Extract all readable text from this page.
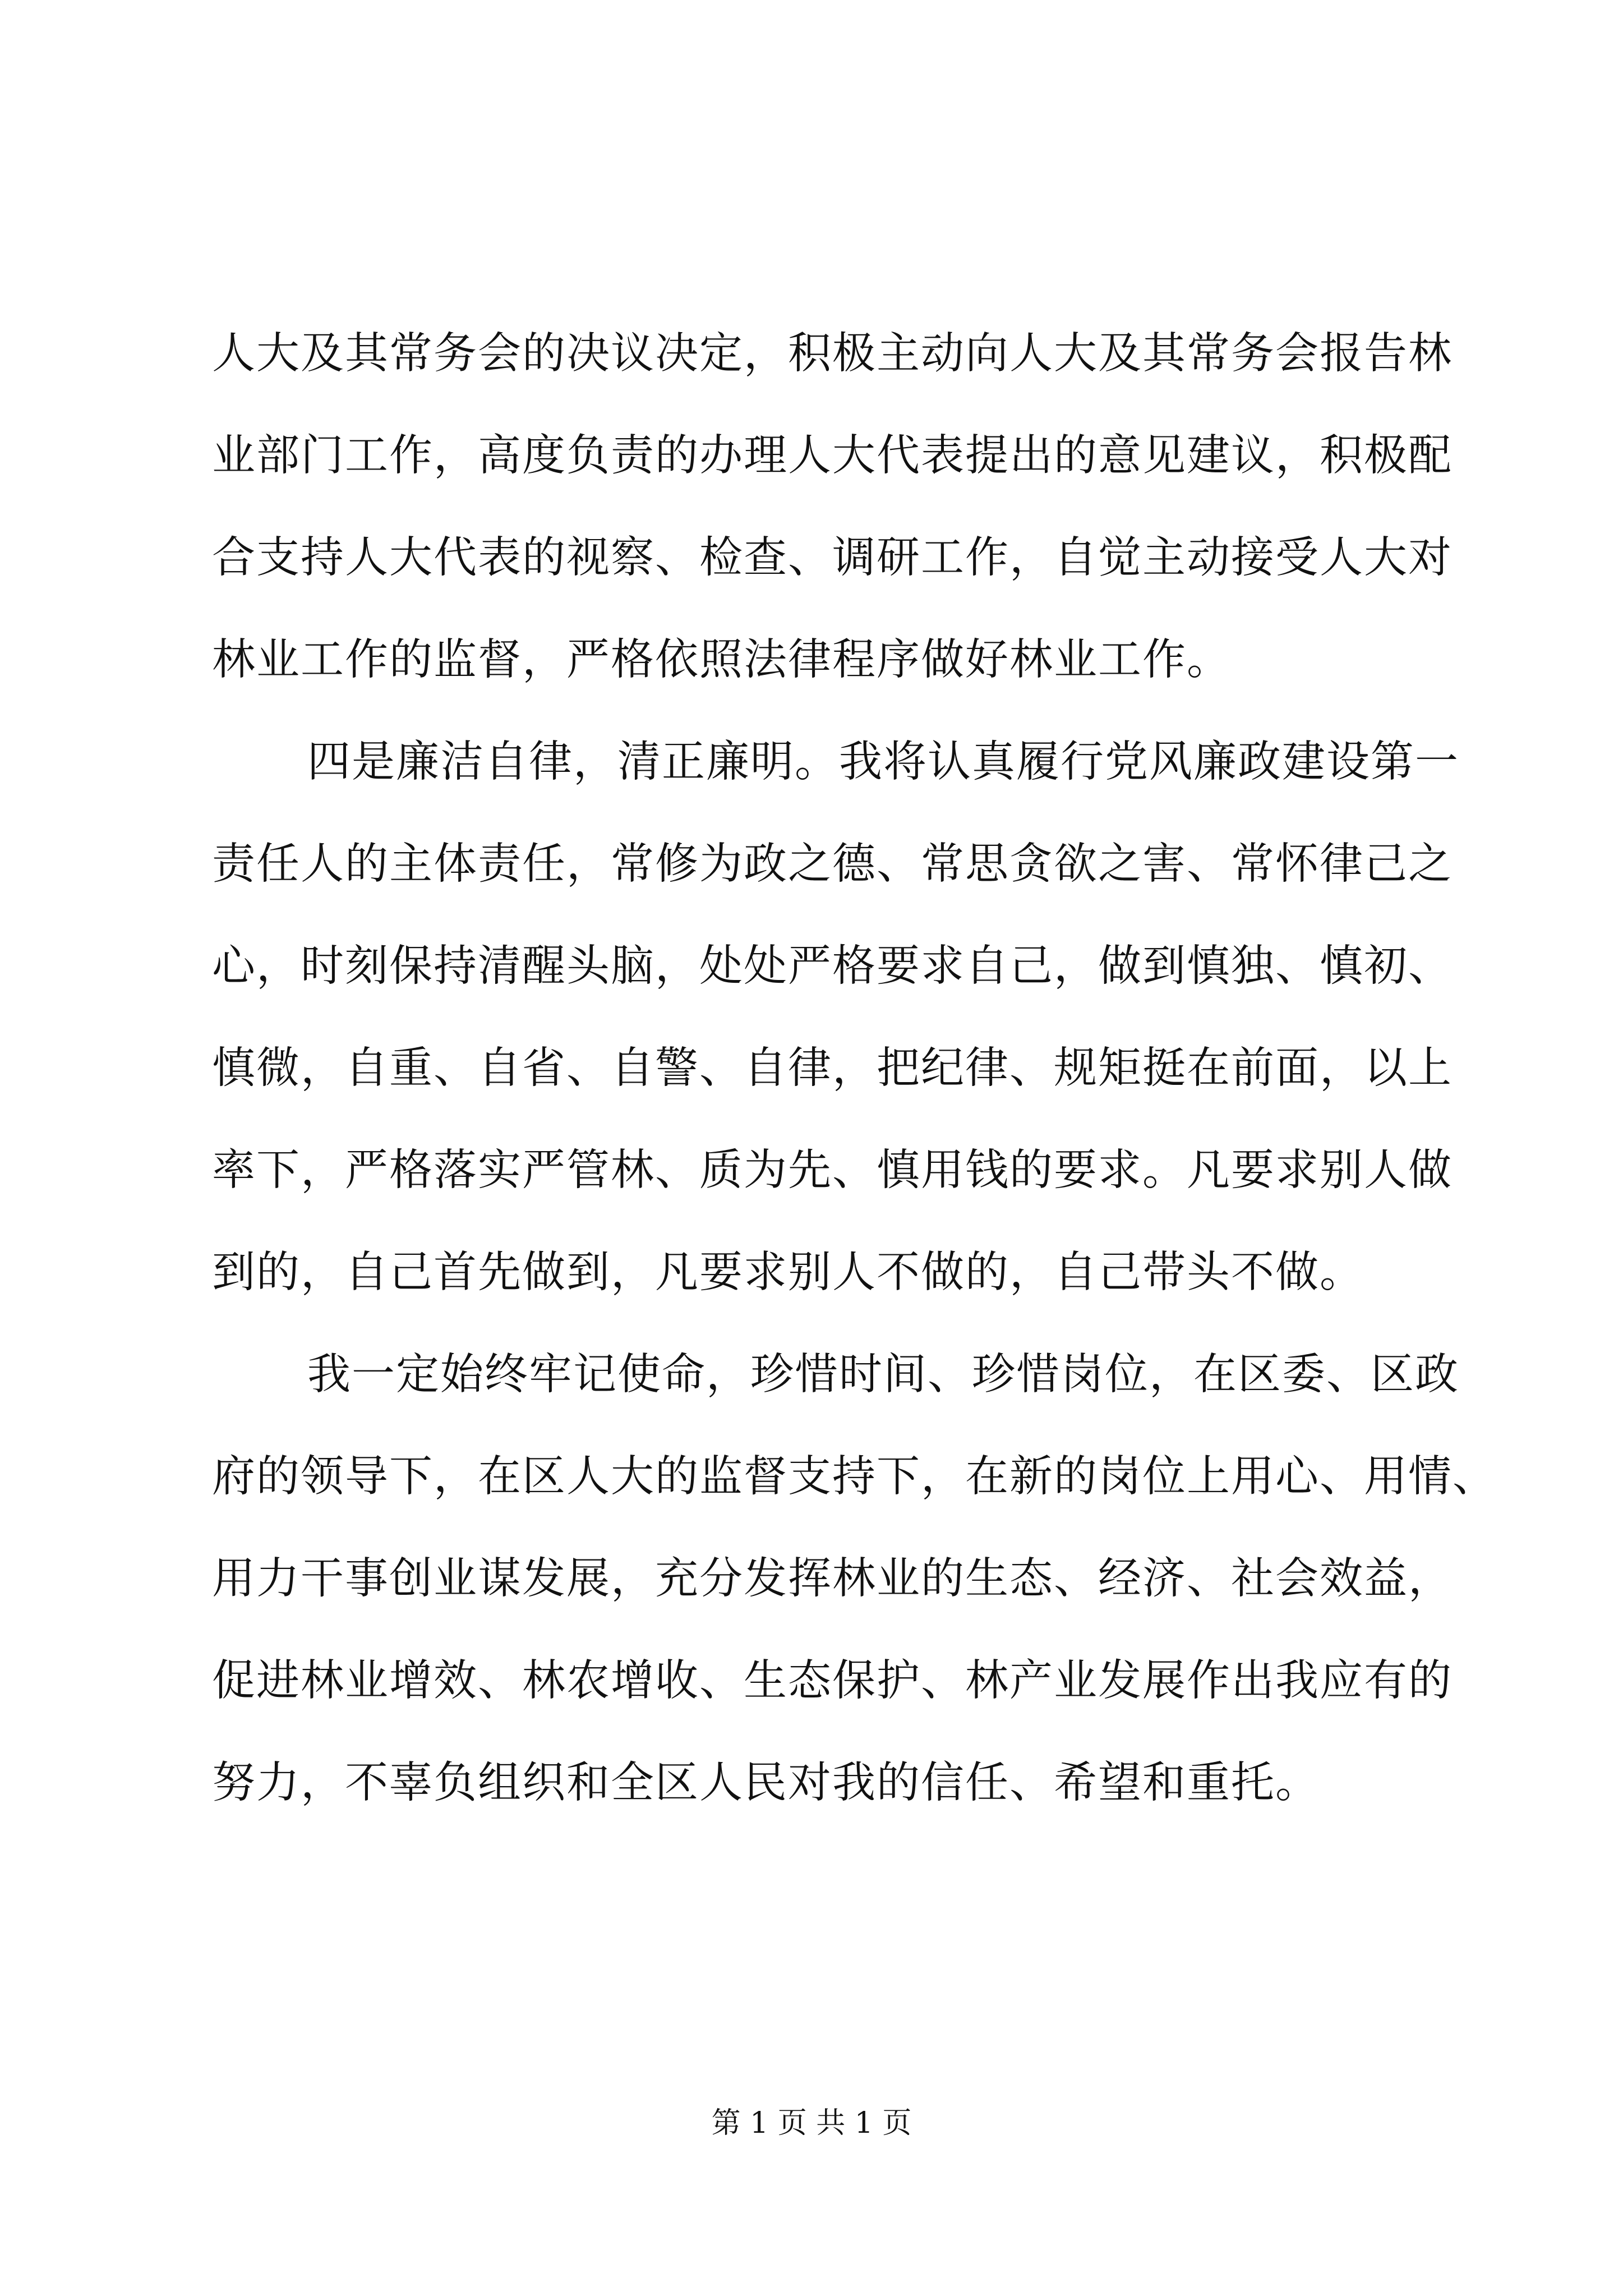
人大及其常务会的决议决定，积极主动向人大及其常务会报告林
业部门工作，高度负责的办理人大代表提出的意见建议，积极配
合支持人大代表的视察、检查、调研工作，自觉主动接受人大对
林业工作的监督，严格依照法律程序做好林业工作。
四是廉洁自律，清正廉明。我将认真履行党风廉政建设第一
责任人的主体责任，常修为政之德、常思贪欲之害、常怀律己之
心，时刻保持清醒头脑，处处严格要求自己，做到慎独、慎初、
慎微，自重、自省、自警、自律，把纪律、规矩挺在前面，以上
率下，严格落实严管林、质为先、慎用钱的要求。凡要求别人做
到的，自己首先做到，凡要求别人不做的，自己带头不做。
我一定始终牢记使命，珍惜时间、珍惜岗位，在区委、区政
府的领导下，在区人大的监督支持下，在新的岗位上用心、用情、
用力干事创业谋发展，充分发挥林业的生态、经济、社会效益，
促进林业增效、林农增收、生态保护、林产业发展作出我应有的
努力，不辜负组织和全区人民对我的信任、希望和重托。
第 1 页 共 1 页
